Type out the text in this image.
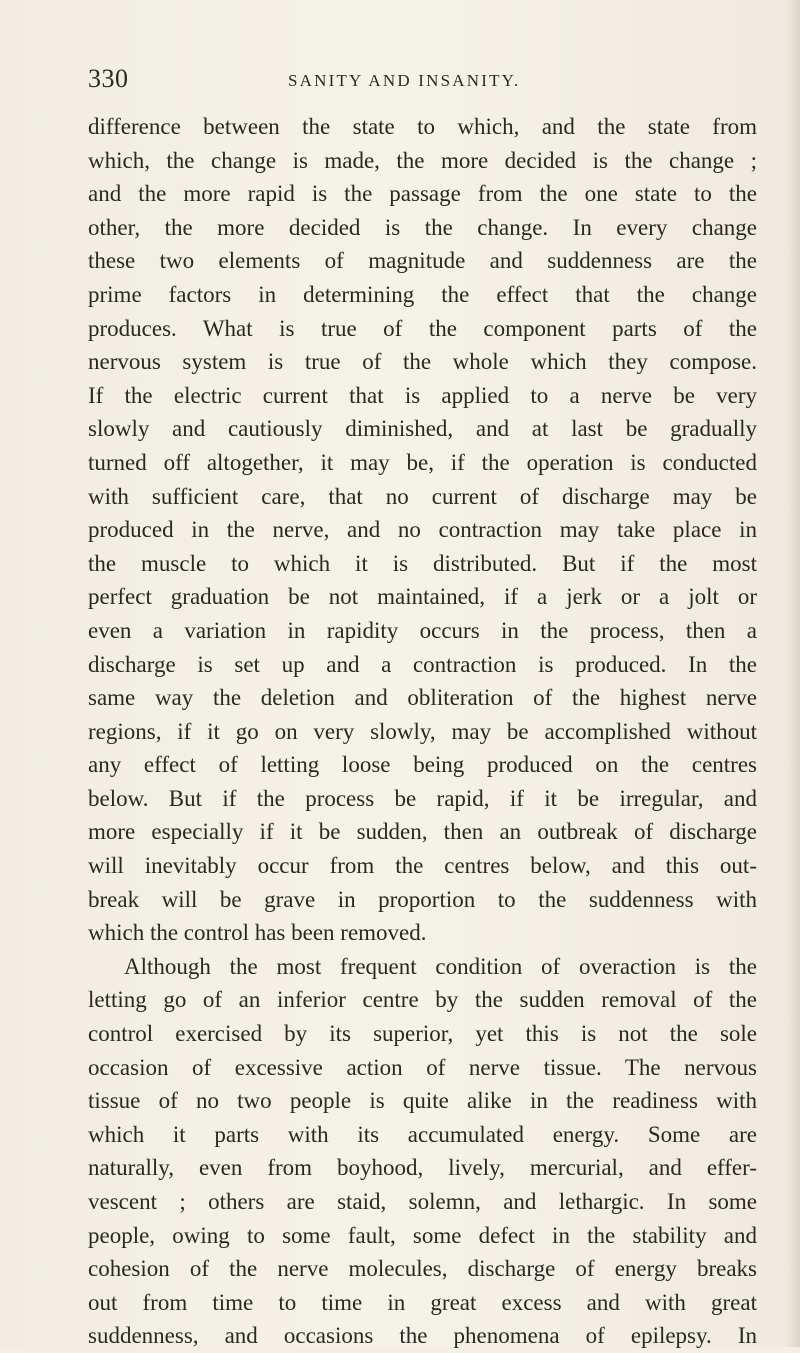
330	SANITY AND INSANITY.
difference between the state to which, and the state from
which, the change is made, the more decided is the change ;
and the more rapid is the passage from the one state to the
other, the more decided is the change. In every change
these two elements of magnitude and suddenness are the
prime factors in determining the effect that the change
produces. What is true of the component parts of the
nervous system is true of the whole which they compose.
If the electric current that is applied to a nerve be very
slowly and cautiously diminished, and at last be gradually
turned off altogether, it may be, if the operation is conducted
with sufficient care, that no current of discharge may be
produced in the nerve, and no contraction may take place in
the muscle to which it is distributed. But if the most
perfect graduation be not maintained, if a jerk or a jolt or
even a variation in rapidity occurs in the process, then a
discharge is set up and a contraction is produced. In the
same way the deletion and obliteration of the highest nerve
regions, if it go on very slowly, may be accomplished without
any effect of letting loose being produced on the centres
below. But if the process be rapid, if it be irregular, and
more especially if it be sudden, then an outbreak of discharge
will inevitably occur from the centres below, and this out-
break will be grave in proportion to the suddenness with
which the control has been removed.
Although the most frequent condition of overaction is the
letting go of an inferior centre by the sudden removal of the
control exercised by its superior, yet this is not the sole
occasion of excessive action of nerve tissue. The nervous
tissue of no two people is quite alike in the readiness with
which it parts with its accumulated energy. Some are
naturally, even from boyhood, lively, mercurial, and effer-
vescent ; others are staid, solemn, and lethargic. In some
people, owing to some fault, some defect in the stability and
cohesion of the nerve molecules, discharge of energy breaks
out from time to time in great excess and with great
suddenness, and occasions the phenomena of epilepsy. In
